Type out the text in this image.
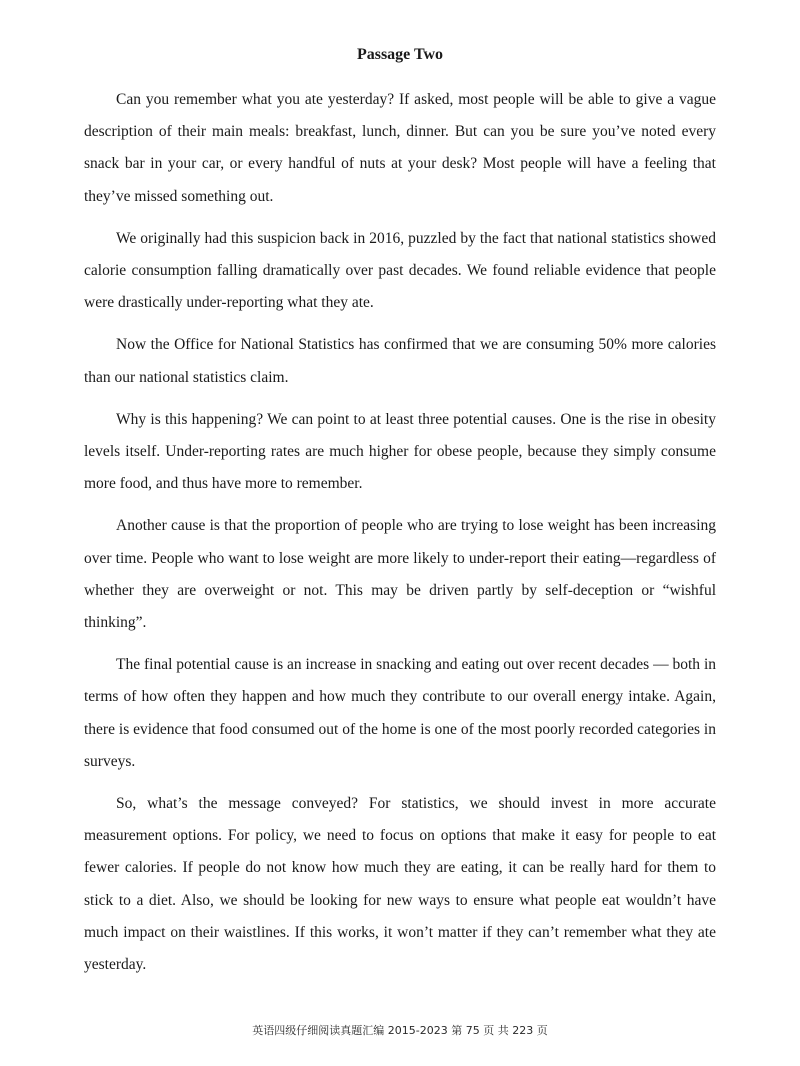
Passage Two

Can you remember what you ate yesterday? If asked, most people will be able to give a vague description of their main meals: breakfast, lunch, dinner. But can you be sure you’ve noted every snack bar in your car, or every handful of nuts at your desk? Most people will have a feeling that they’ve missed something out.

We originally had this suspicion back in 2016, puzzled by the fact that national statistics showed calorie consumption falling dramatically over past decades. We found reliable evidence that people were drastically under-reporting what they ate.

Now the Office for National Statistics has confirmed that we are consuming 50% more calories than our national statistics claim.

Why is this happening? We can point to at least three potential causes. One is the rise in obesity levels itself. Under-reporting rates are much higher for obese people, because they simply consume more food, and thus have more to remember.

Another cause is that the proportion of people who are trying to lose weight has been increasing over time. People who want to lose weight are more likely to under-report their eating—regardless of whether they are overweight or not. This may be driven partly by self-deception or “wishful thinking”.

The final potential cause is an increase in snacking and eating out over recent decades — both in terms of how often they happen and how much they contribute to our overall energy intake. Again, there is evidence that food consumed out of the home is one of the most poorly recorded categories in surveys.

So, what’s the message conveyed? For statistics, we should invest in more accurate measurement options. For policy, we need to focus on options that make it easy for people to eat fewer calories. If people do not know how much they are eating, it can be really hard for them to stick to a diet. Also, we should be looking for new ways to ensure what people eat wouldn’t have much impact on their waistlines. If this works, it won’t matter if they can’t remember what they ate yesterday.

英语四级仔细阅读真题汇编 2015-2023 第 75 页 共 223 页
